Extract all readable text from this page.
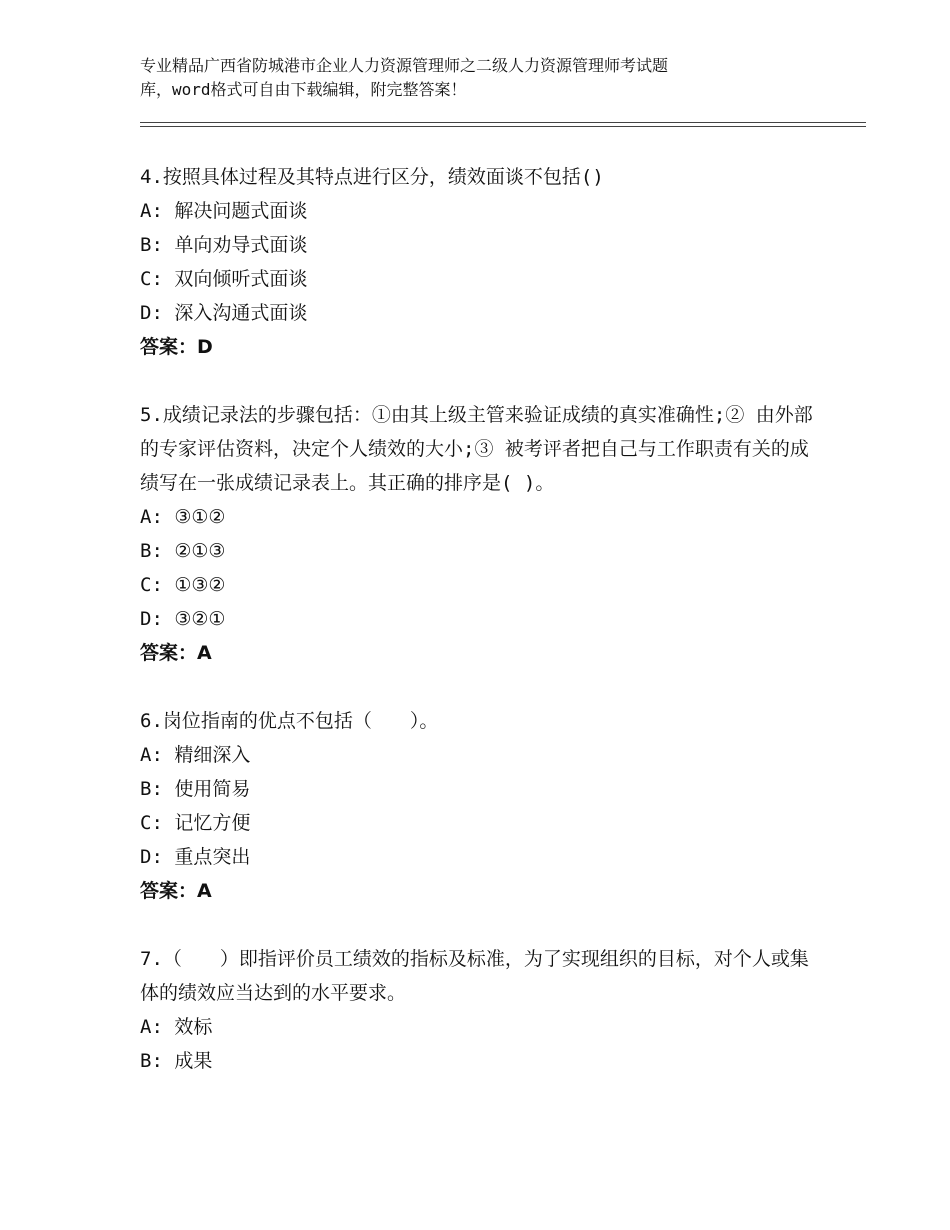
专业精品广西省防城港市企业人力资源管理师之二级人力资源管理师考试题
库，word格式可自由下载编辑，附完整答案！
4.按照具体过程及其特点进行区分，绩效面谈不包括()
A: 解决问题式面谈
B: 单向劝导式面谈
C: 双向倾听式面谈
D: 深入沟通式面谈
答案：D
5.成绩记录法的步骤包括：①由其上级主管来验证成绩的真实准确性;② 由外部的专家评估资料，决定个人绩效的大小;③ 被考评者把自己与工作职责有关的成绩写在一张成绩记录表上。其正确的排序是( )。
A: ③①②
B: ②①③
C: ①③②
D: ③②①
答案：A
6.岗位指南的优点不包括（　　）。
A: 精细深入
B: 使用简易
C: 记忆方便
D: 重点突出
答案：A
7.（　　）即指评价员工绩效的指标及标准，为了实现组织的目标，对个人或集体的绩效应当达到的水平要求。
A: 效标
B: 成果
